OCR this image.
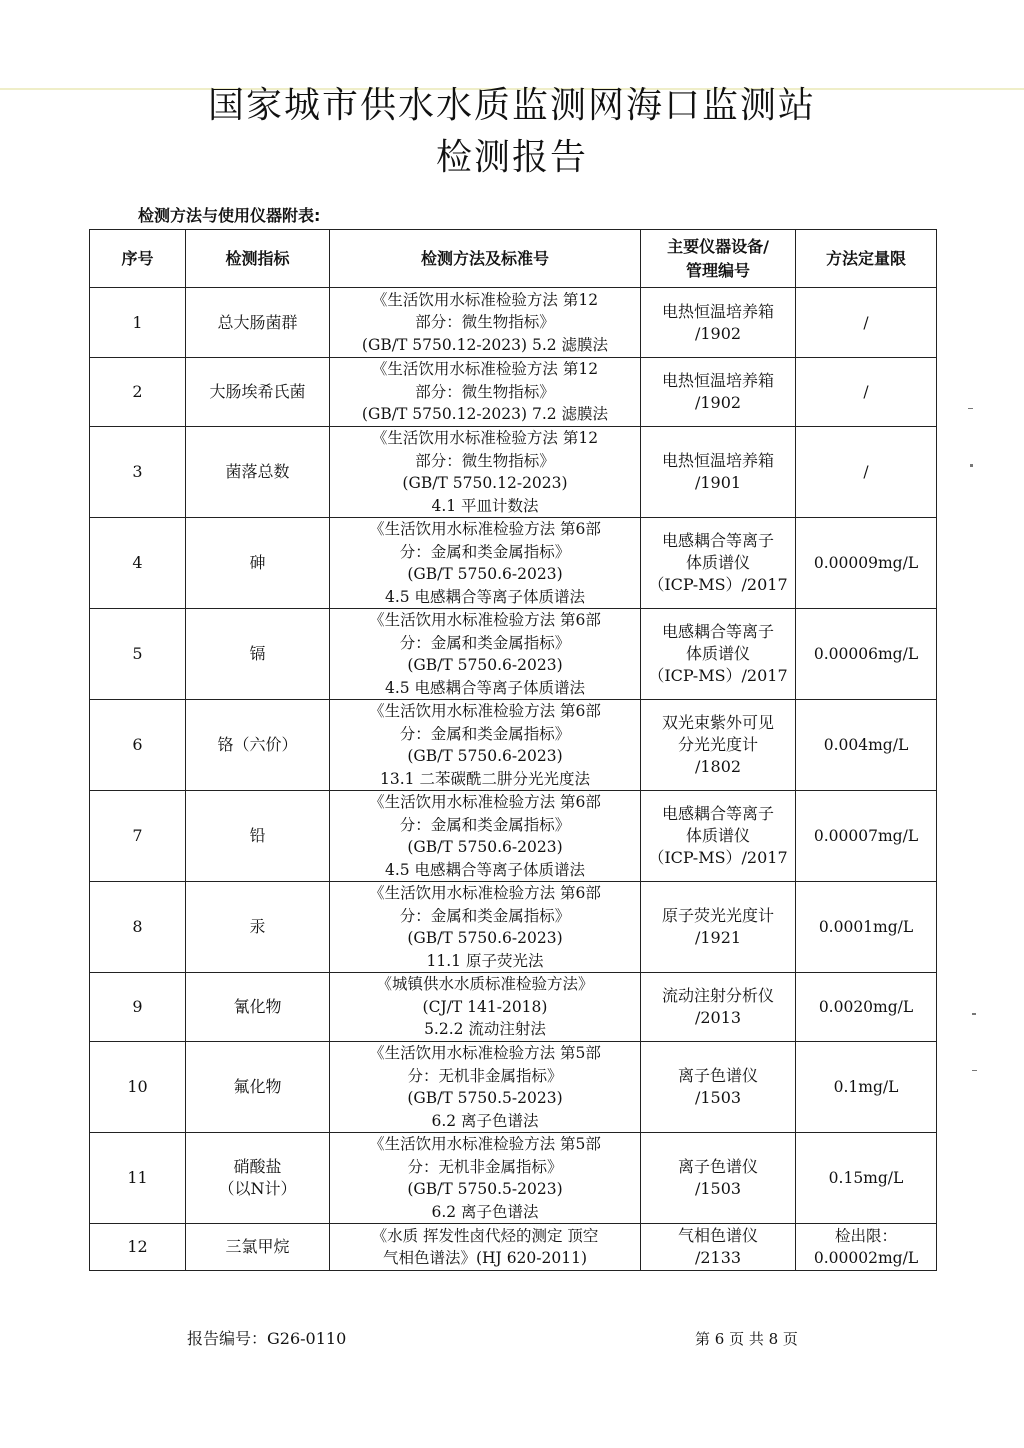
国家城市供水水质监测网海口监测站
检测报告
检测方法与使用仪器附表:
序号	检测指标	检测方法及标准号	主要仪器设备/
管理编号	方法定量限
1	总大肠菌群	《生活饮用水标准检验方法 第12
部分：微生物指标》
(GB/T 5750.12-2023) 5.2 滤膜法	电热恒温培养箱
/1902	/
2	大肠埃希氏菌	《生活饮用水标准检验方法 第12
部分：微生物指标》
(GB/T 5750.12-2023) 7.2 滤膜法	电热恒温培养箱
/1902	/
3	菌落总数	《生活饮用水标准检验方法 第12
部分：微生物指标》
(GB/T 5750.12-2023)
4.1 平皿计数法	电热恒温培养箱
/1901	/
4	砷	《生活饮用水标准检验方法 第6部
分：金属和类金属指标》
(GB/T 5750.6-2023)
4.5 电感耦合等离子体质谱法	电感耦合等离子
体质谱仪
（ICP-MS）/2017	0.00009mg/L
5	镉	《生活饮用水标准检验方法 第6部
分：金属和类金属指标》
(GB/T 5750.6-2023)
4.5 电感耦合等离子体质谱法	电感耦合等离子
体质谱仪
（ICP-MS）/2017	0.00006mg/L
6	铬（六价）	《生活饮用水标准检验方法 第6部
分：金属和类金属指标》
(GB/T 5750.6-2023)
13.1 二苯碳酰二肼分光光度法	双光束紫外可见
分光光度计
/1802	0.004mg/L
7	铅	《生活饮用水标准检验方法 第6部
分：金属和类金属指标》
(GB/T 5750.6-2023)
4.5 电感耦合等离子体质谱法	电感耦合等离子
体质谱仪
（ICP-MS）/2017	0.00007mg/L
8	汞	《生活饮用水标准检验方法 第6部
分：金属和类金属指标》
(GB/T 5750.6-2023)
11.1 原子荧光法	原子荧光光度计
/1921	0.0001mg/L
9	氰化物	《城镇供水水质标准检验方法》
(CJ/T 141-2018)
5.2.2 流动注射法	流动注射分析仪
/2013	0.0020mg/L
10	氟化物	《生活饮用水标准检验方法 第5部
分：无机非金属指标》
(GB/T 5750.5-2023)
6.2 离子色谱法	离子色谱仪
/1503	0.1mg/L
11	硝酸盐
（以N计）	《生活饮用水标准检验方法 第5部
分：无机非金属指标》
(GB/T 5750.5-2023)
6.2 离子色谱法	离子色谱仪
/1503	0.15mg/L
12	三氯甲烷	《水质 挥发性卤代烃的测定 顶空
气相色谱法》(HJ 620-2011)	气相色谱仪
/2133	检出限：
0.00002mg/L
报告编号：G26-0110	第 6 页 共 8 页
